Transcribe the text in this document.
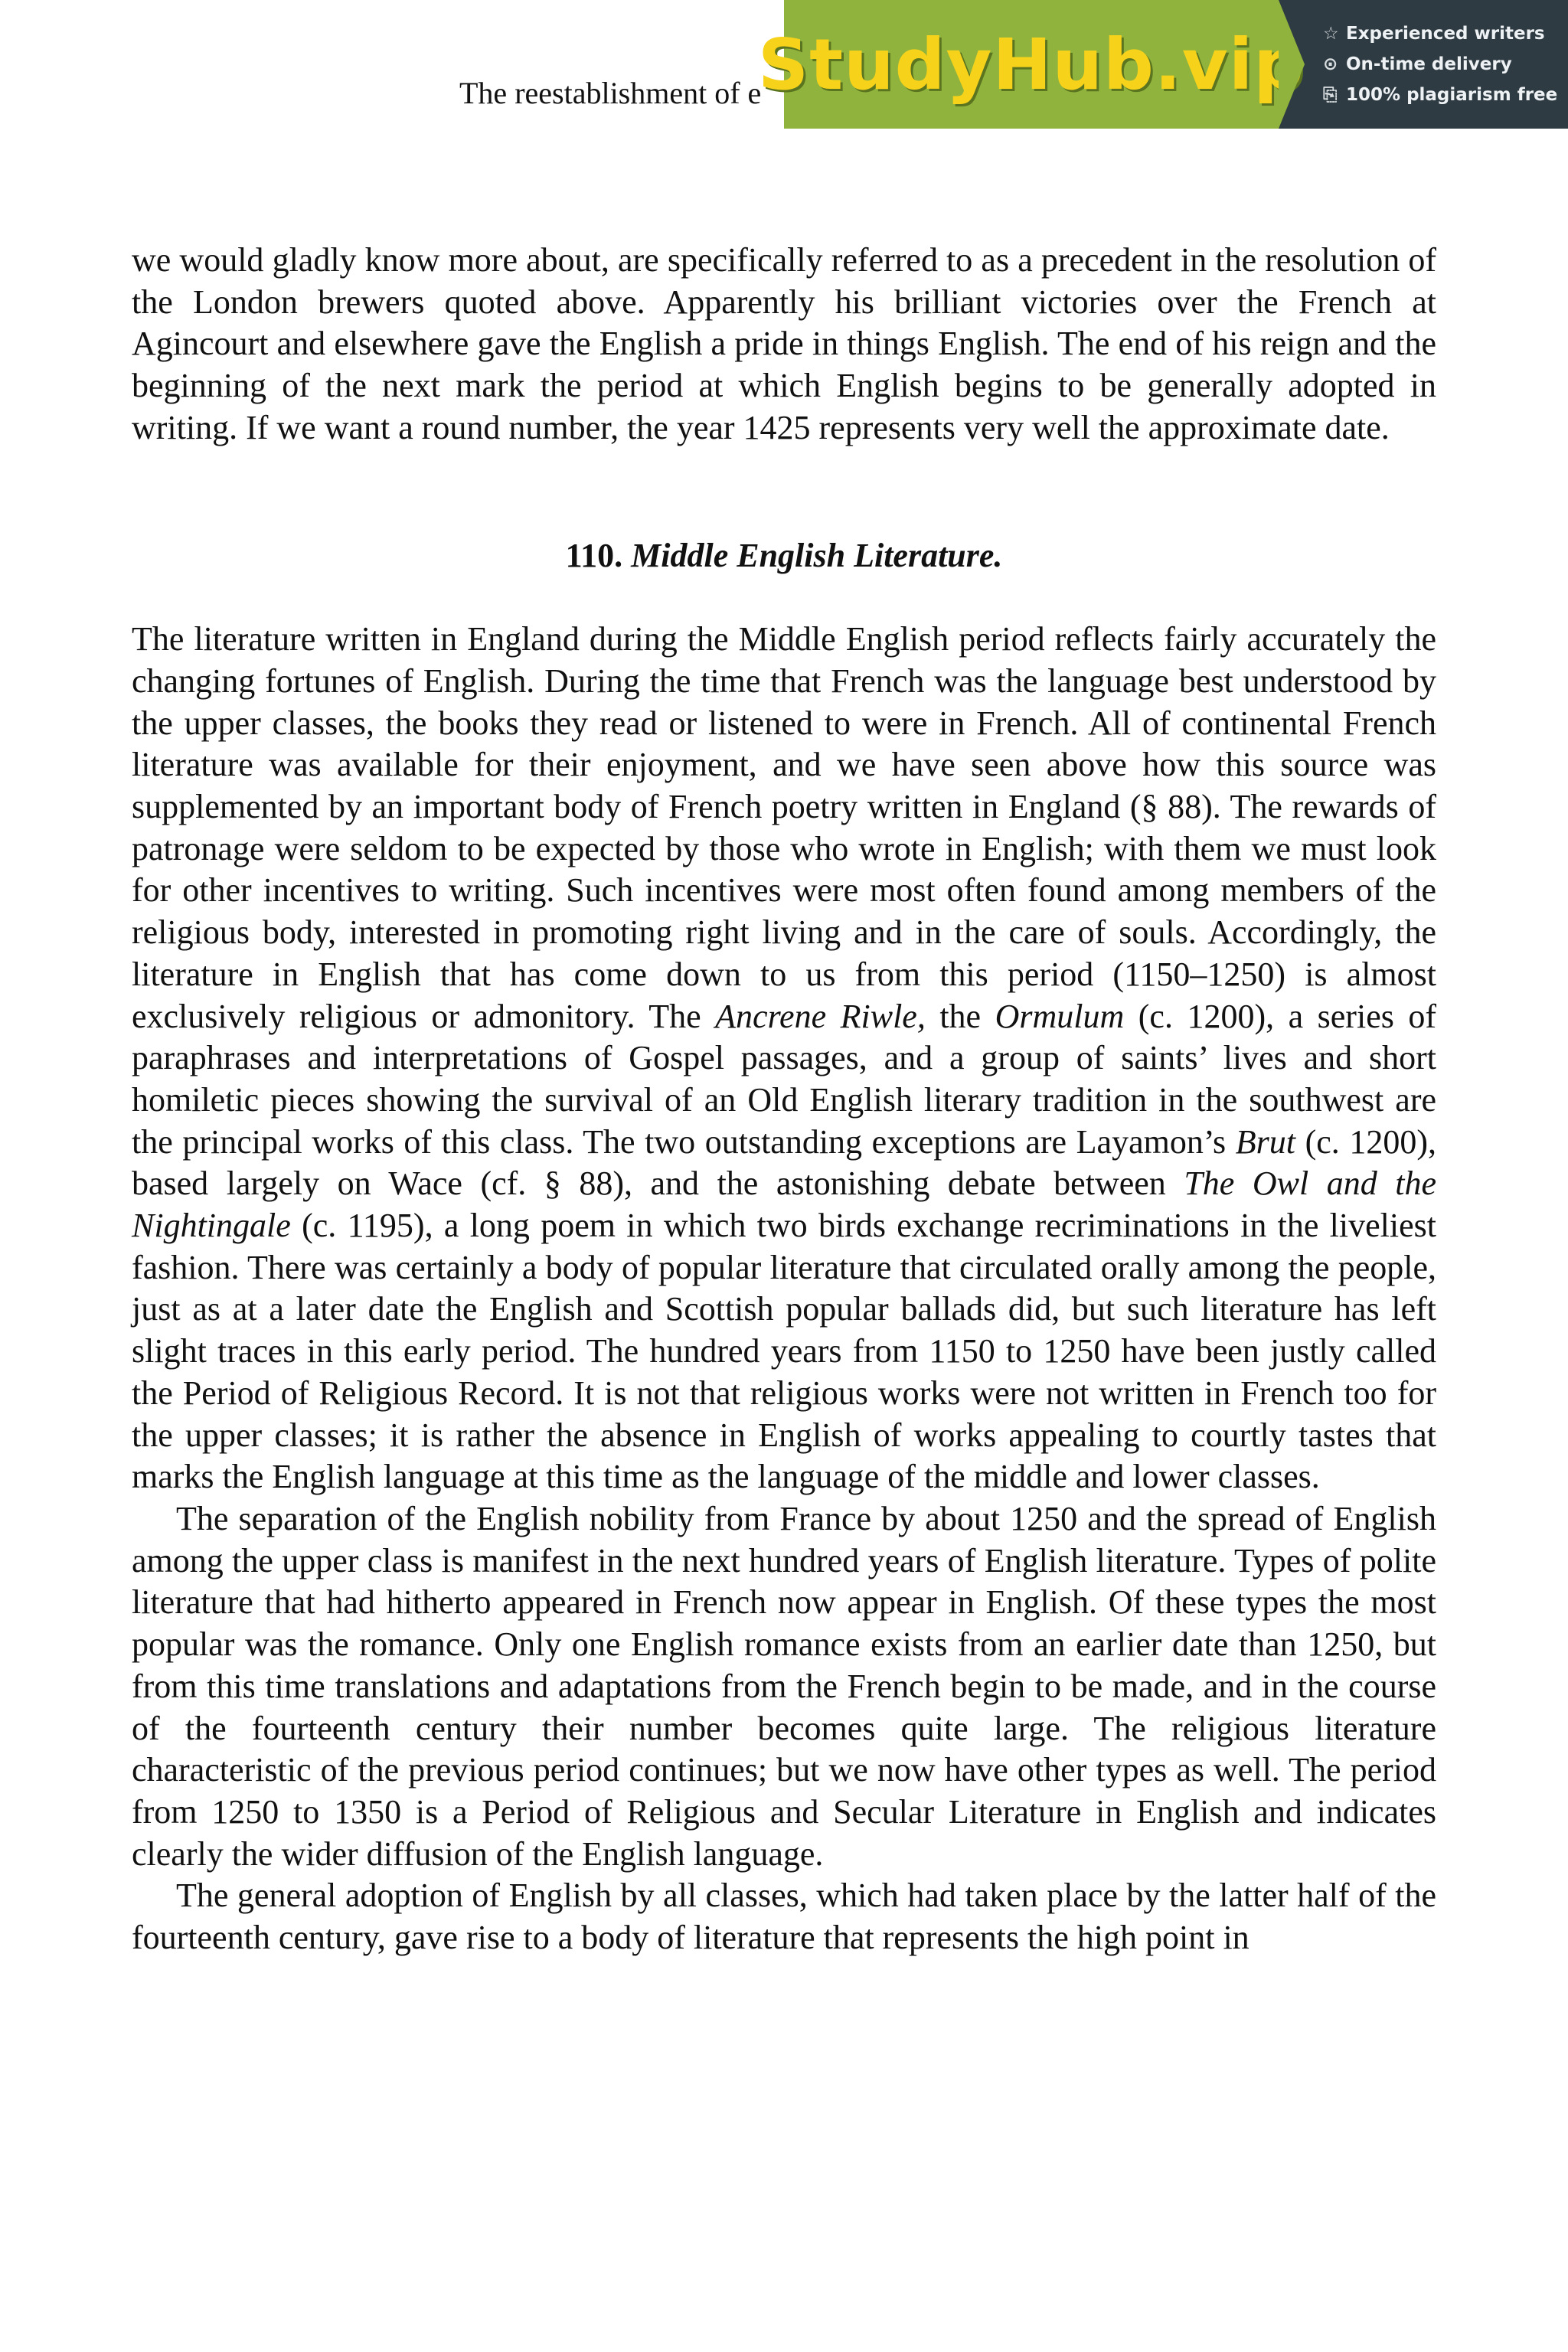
The reestablishment of e
StudyHub.vip ☆ Experienced writers
⊙ On-time delivery
⎘ 100% plagiarism free

we would gladly know more about, are specifically referred to as a precedent in the resolution of the London brewers quoted above. Apparently his brilliant victories over the French at Agincourt and elsewhere gave the English a pride in things English. The end of his reign and the beginning of the next mark the period at which English begins to be generally adopted in writing. If we want a round number, the year 1425 represents very well the approximate date.

110. Middle English Literature.

The literature written in England during the Middle English period reflects fairly accurately the changing fortunes of English. During the time that French was the language best understood by the upper classes, the books they read or listened to were in French. All of continental French literature was available for their enjoyment, and we have seen above how this source was supplemented by an important body of French poetry written in England (§ 88). The rewards of patronage were seldom to be expected by those who wrote in English; with them we must look for other incentives to writing. Such incentives were most often found among members of the religious body, interested in promoting right living and in the care of souls. Accordingly, the literature in English that has come down to us from this period (1150–1250) is almost exclusively religious or admonitory. The Ancrene Riwle, the Ormulum (c. 1200), a series of paraphrases and interpretations of Gospel passages, and a group of saints’ lives and short homiletic pieces showing the survival of an Old English literary tradition in the southwest are the principal works of this class. The two outstanding exceptions are Layamon’s Brut (c. 1200), based largely on Wace (cf. § 88), and the astonishing debate between The Owl and the Nightingale (c. 1195), a long poem in which two birds exchange recriminations in the liveliest fashion. There was certainly a body of popular literature that circulated orally among the people, just as at a later date the English and Scottish popular ballads did, but such literature has left slight traces in this early period. The hundred years from 1150 to 1250 have been justly called the Period of Religious Record. It is not that religious works were not written in French too for the upper classes; it is rather the absence in English of works appealing to courtly tastes that marks the English language at this time as the language of the middle and lower classes.

The separation of the English nobility from France by about 1250 and the spread of English among the upper class is manifest in the next hundred years of English literature. Types of polite literature that had hitherto appeared in French now appear in English. Of these types the most popular was the romance. Only one English romance exists from an earlier date than 1250, but from this time translations and adaptations from the French begin to be made, and in the course of the fourteenth century their number becomes quite large. The religious literature characteristic of the previous period continues; but we now have other types as well. The period from 1250 to 1350 is a Period of Religious and Secular Literature in English and indicates clearly the wider diffusion of the English language.

The general adoption of English by all classes, which had taken place by the latter half of the fourteenth century, gave rise to a body of literature that represents the high point in
